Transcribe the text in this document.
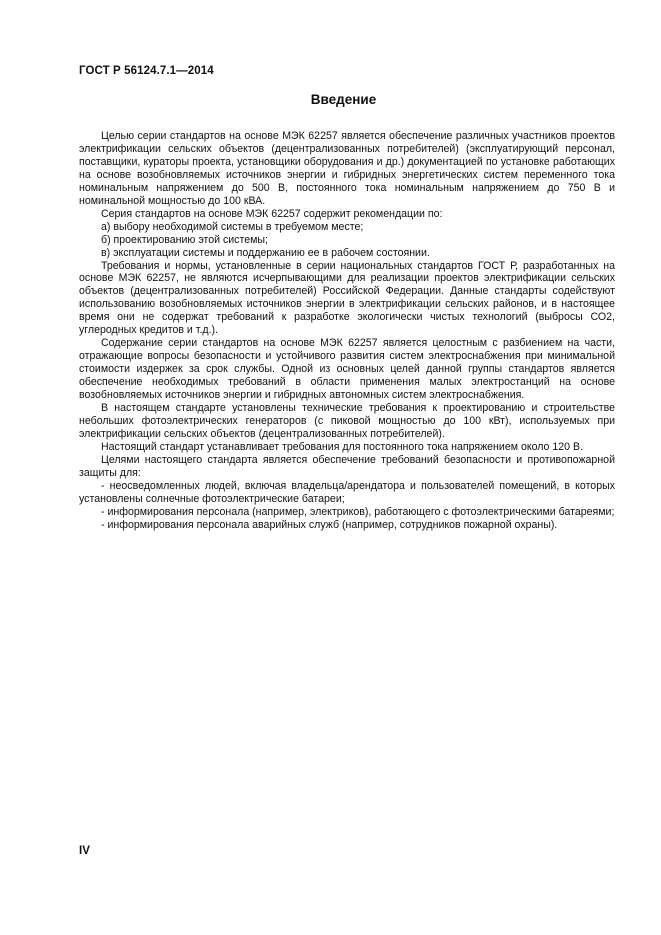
ГОСТ Р 56124.7.1—2014
Введение

Целью серии стандартов на основе МЭК 62257 является обеспечение различных участников проектов электрификации сельских объектов (децентрализованных потребителей) (эксплуатирующий персонал, поставщики, кураторы проекта, установщики оборудования и др.) документацией по установке работающих на основе возобновляемых источников энергии и гибридных энергетических систем переменного тока номинальным напряжением до 500 В, постоянного тока номинальным напряжением до 750 В и номинальной мощностью до 100 кВА.

Серия стандартов на основе МЭК 62257 содержит рекомендации по:

а) выбору необходимой системы в требуемом месте;

б) проектированию этой системы;

в) эксплуатации системы и поддержанию ее в рабочем состоянии.

Требования и нормы, установленные в серии национальных стандартов ГОСТ Р, разработанных на основе МЭК 62257, не являются исчерпывающими для реализации проектов электрификации сельских объектов (децентрализованных потребителей) Российской Федерации. Данные стандарты содействуют использованию возобновляемых источников энергии в электрификации сельских районов, и в настоящее время они не содержат требований к разработке экологически чистых технологий (выбросы СО2, углеродных кредитов и т.д.).

Содержание серии стандартов на основе МЭК 62257 является целостным с разбиением на части, отражающие вопросы безопасности и устойчивого развития систем электроснабжения при минимальной стоимости издержек за срок службы. Одной из основных целей данной группы стандартов является обеспечение необходимых требований в области применения малых электростанций на основе возобновляемых источников энергии и гибридных автономных систем электроснабжения.

В настоящем стандарте установлены технические требования к проектированию и строительстве небольших фотоэлектрических генераторов (с пиковой мощностью до 100 кВт), используемых при электрификации сельских объектов (децентрализованных потребителей).

Настоящий стандарт устанавливает требования для постоянного тока напряжением около 120 В.

Целями настоящего стандарта является обеспечение требований безопасности и противопожарной защиты для:

- неосведомленных людей, включая владельца/арендатора и пользователей помещений, в которых установлены солнечные фотоэлектрические батареи;

- информирования персонала (например, электриков), работающего с фотоэлектрическими батареями;

- информирования персонала аварийных служб (например, сотрудников пожарной охраны).

IV
